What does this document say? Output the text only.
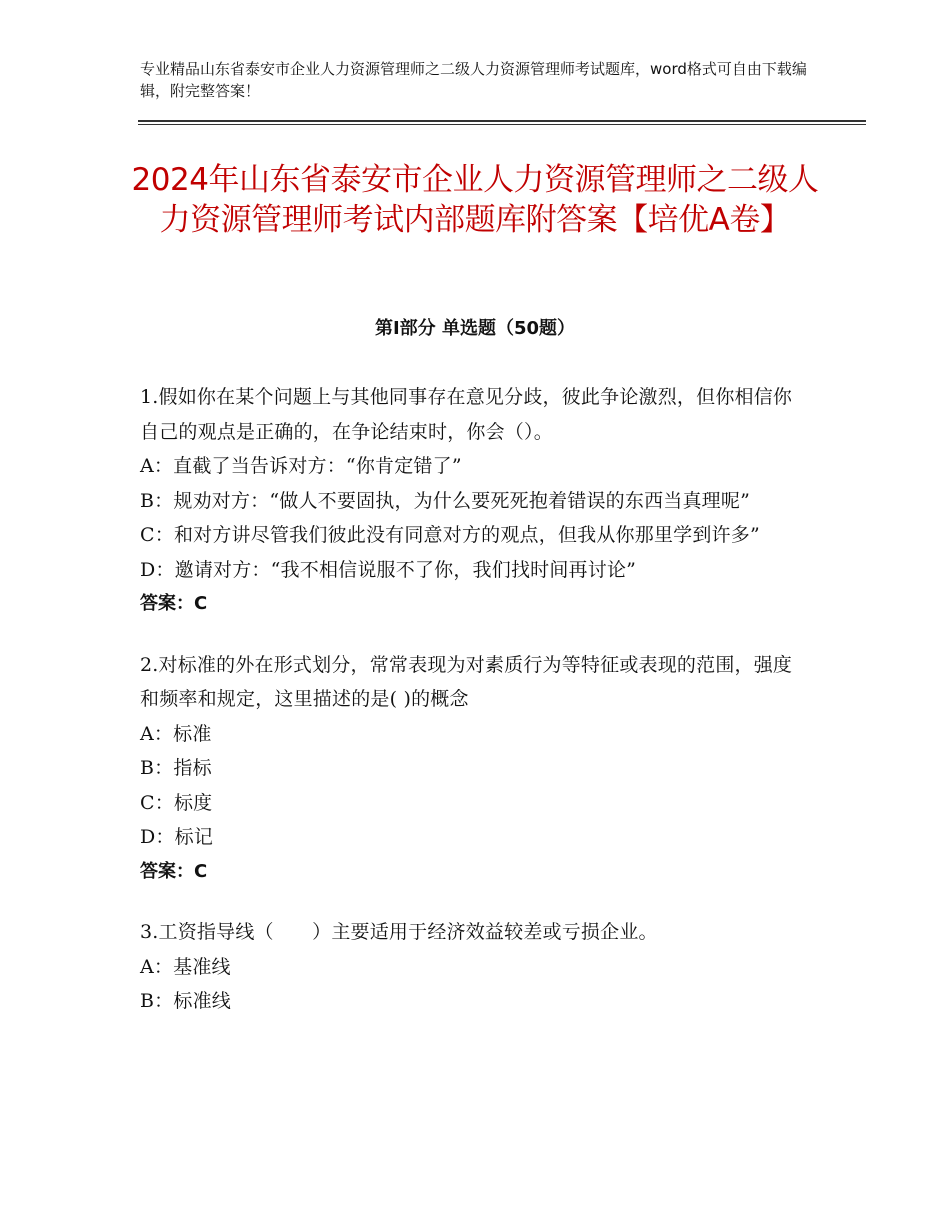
专业精品山东省泰安市企业人力资源管理师之二级人力资源管理师考试题库，word格式可自由下载编辑，附完整答案！
2024年山东省泰安市企业人力资源管理师之二级人力资源管理师考试内部题库附答案【培优A卷】
第Ⅰ部分 单选题（50题）
1.假如你在某个问题上与其他同事存在意见分歧，彼此争论激烈，但你相信你自己的观点是正确的，在争论结束时，你会（）。
A：直截了当告诉对方：“你肯定错了”
B：规劝对方：“做人不要固执，为什么要死死抱着错误的东西当真理呢”
C：和对方讲尽管我们彼此没有同意对方的观点，但我从你那里学到许多”
D：邀请对方：“我不相信说服不了你，我们找时间再讨论”
答案：C
2.对标准的外在形式划分，常常表现为对素质行为等特征或表现的范围，强度和频率和规定，这里描述的是( )的概念
A：标准
B：指标
C：标度
D：标记
答案：C
3.工资指导线（　　）主要适用于经济效益较差或亏损企业。
A：基准线
B：标准线
